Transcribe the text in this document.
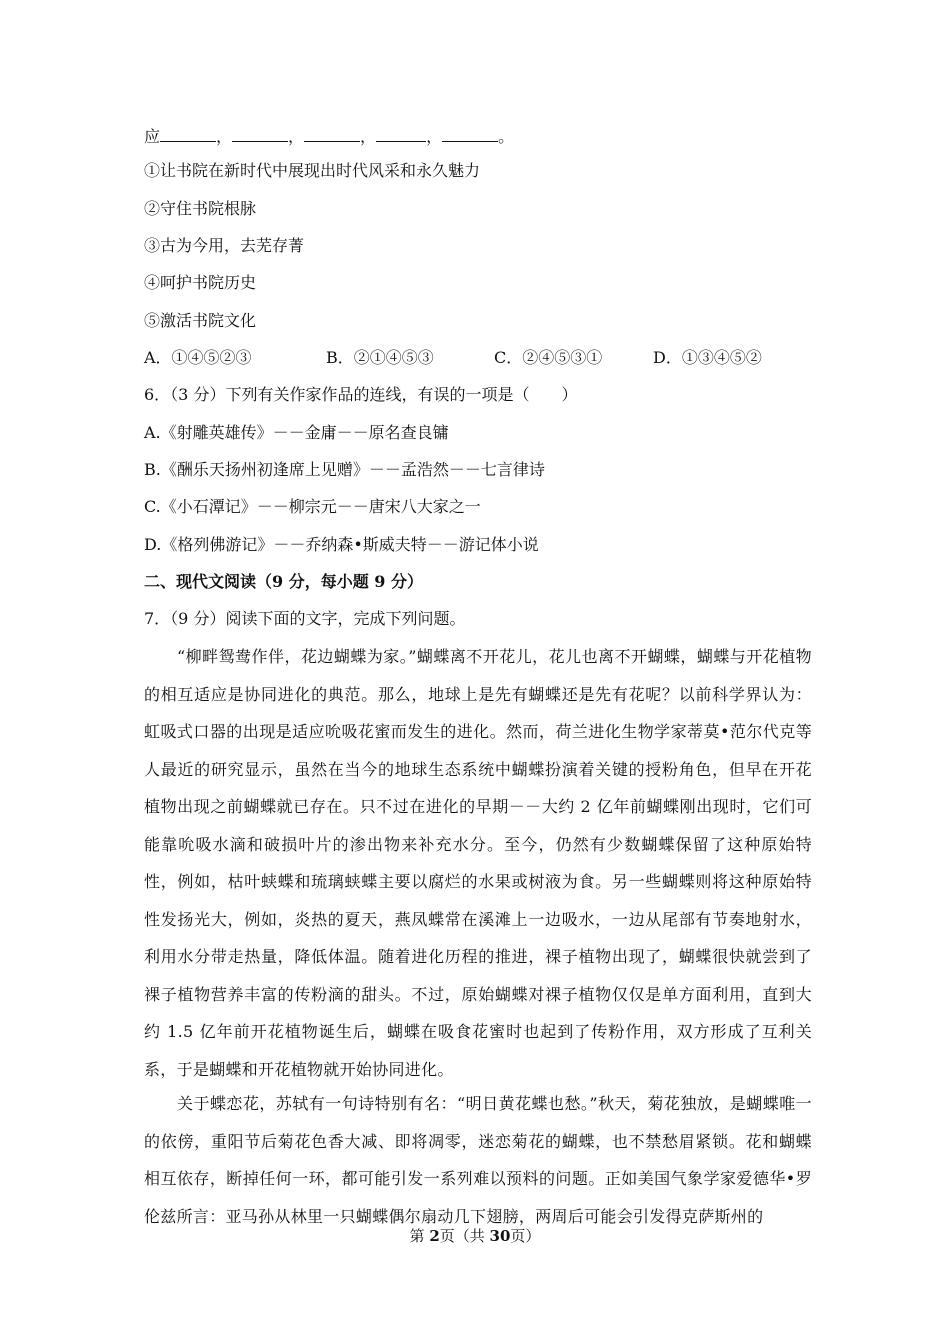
应	，	，	，	，	。
①让书院在新时代中展现出时代风采和永久魅力
②守住书院根脉
③古为今用，去芜存菁
④呵护书院历史
⑤激活书院文化
A．①④⑤②③	B．②①④⑤③	C．②④⑤③①	D．①③④⑤②
6．（3 分）下列有关作家作品的连线，有误的一项是（　　）
A.《射雕英雄传》－－金庸－－原名查良镛
B.《酬乐天扬州初逢席上见赠》－－孟浩然－－七言律诗
C.《小石潭记》－－柳宗元－－唐宋八大家之一
D.《格列佛游记》－－乔纳森•斯威夫特－－游记体小说
二、现代文阅读（9 分，每小题 9 分）
7．（9 分）阅读下面的文字，完成下列问题。
“柳畔鸳鸯作伴，花边蝴蝶为家。”蝴蝶离不开花儿，花儿也离不开蝴蝶，蝴蝶与开花植物的相互适应是协同进化的典范。那么，地球上是先有蝴蝶还是先有花呢？以前科学界认为：虹吸式口器的出现是适应吮吸花蜜而发生的进化。然而，荷兰进化生物学家蒂莫•范尔代克等人最近的研究显示，虽然在当今的地球生态系统中蝴蝶扮演着关键的授粉角色，但早在开花植物出现之前蝴蝶就已存在。只不过在进化的早期－－大约 2 亿年前蝴蝶刚出现时，它们可能靠吮吸水滴和破损叶片的渗出物来补充水分。至今，仍然有少数蝴蝶保留了这种原始特性，例如，枯叶蛱蝶和琉璃蛱蝶主要以腐烂的水果或树液为食。另一些蝴蝶则将这种原始特性发扬光大，例如，炎热的夏天，燕凤蝶常在溪滩上一边吸水，一边从尾部有节奏地射水，利用水分带走热量，降低体温。随着进化历程的推进，裸子植物出现了，蝴蝶很快就尝到了裸子植物营养丰富的传粉滴的甜头。不过，原始蝴蝶对裸子植物仅仅是单方面利用，直到大约 1.5 亿年前开花植物诞生后，蝴蝶在吸食花蜜时也起到了传粉作用，双方形成了互利关系，于是蝴蝶和开花植物就开始协同进化。
关于蝶恋花，苏轼有一句诗特别有名：“明日黄花蝶也愁。”秋天，菊花独放，是蝴蝶唯一的依傍，重阳节后菊花色香大减、即将凋零，迷恋菊花的蝴蝶，也不禁愁眉紧锁。花和蝴蝶相互依存，断掉任何一环，都可能引发一系列难以预料的问题。正如美国气象学家爱德华•罗伦兹所言：亚马孙从林里一只蝴蝶偶尔扇动几下翅膀，两周后可能会引发得克萨斯州的
第 2页（共 30页）
